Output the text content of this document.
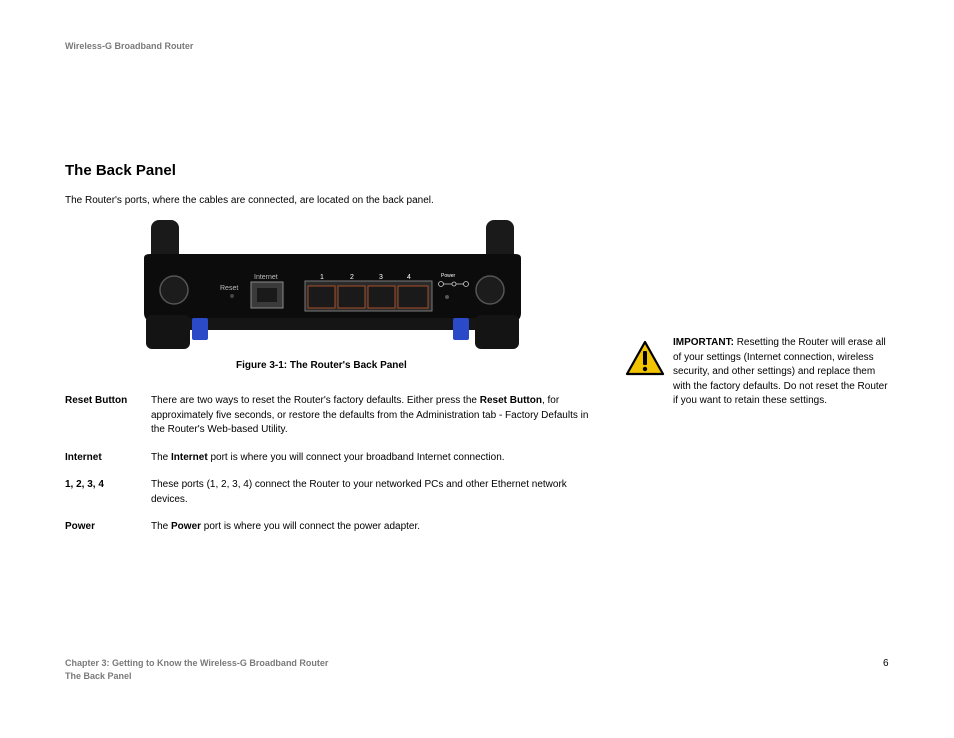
Wireless-G Broadband Router
The Back Panel
The Router's ports, where the cables are connected, are located on the back panel.
Reset
Internet	1	2	3	4	Power
Figure 3-1: The Router's Back Panel
Reset Button	There are two ways to reset the Router's factory defaults. Either press the Reset Button, for approximately five seconds, or restore the defaults from the Administration tab - Factory Defaults in the Router's Web-based Utility.
Internet	The Internet port is where you will connect your broadband Internet connection.
1, 2, 3, 4	These ports (1, 2, 3, 4) connect the Router to your networked PCs and other Ethernet network devices.
Power	The Power port is where you will connect the power adapter.
IMPORTANT: Resetting the Router will erase all of your settings (Internet connection, wireless security, and other settings) and replace them with the factory defaults. Do not reset the Router if you want to retain these settings.
Chapter 3: Getting to Know the Wireless-G Broadband Router
The Back Panel
6
